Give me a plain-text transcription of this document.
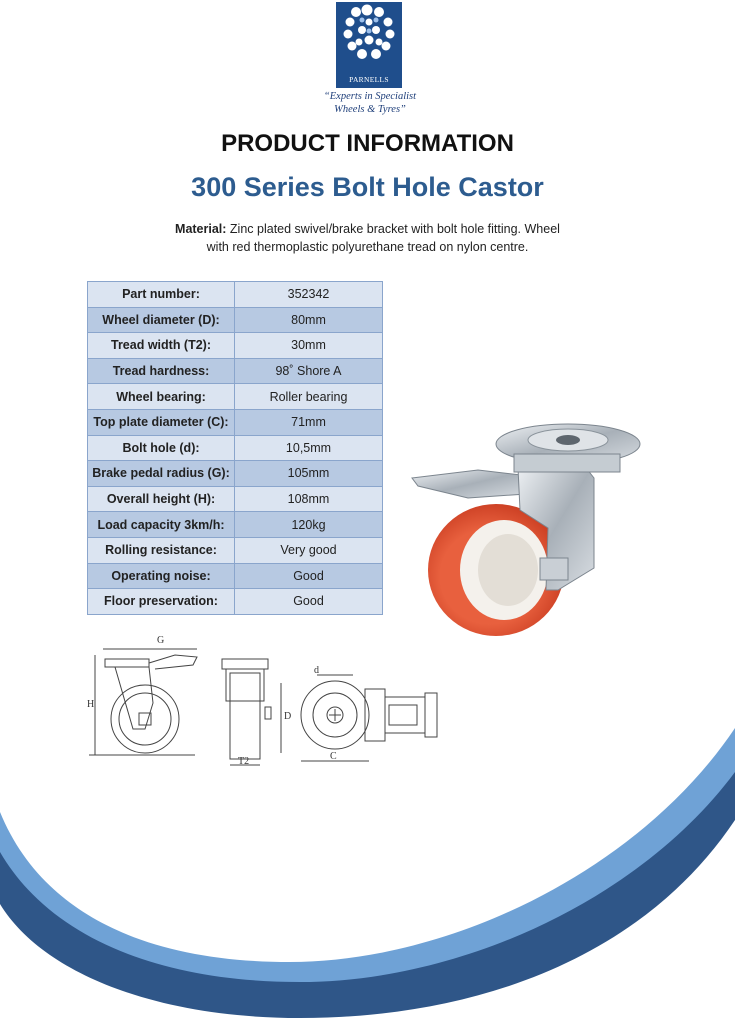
PARNELLS
“Experts in Specialist
Wheels & Tyres”
PRODUCT INFORMATION
300 Series Bolt Hole Castor
Material: Zinc plated swivel/brake bracket with bolt hole fitting. Wheel
with red thermoplastic polyurethane tread on nylon centre.
Part number:	352342
Wheel diameter (D):	80mm
Tread width (T2):	30mm
Tread hardness:	98˚ Shore A
Wheel bearing:	Roller bearing
Top plate diameter (C):	71mm
Bolt hole (d):	10,5mm
Brake pedal radius (G):	105mm
Overall height (H):	108mm
Load capacity 3km/h:	120kg
Rolling resistance:	Very good
Operating noise:	Good
Floor preservation:	Good
G
H
T2
D
d
C
